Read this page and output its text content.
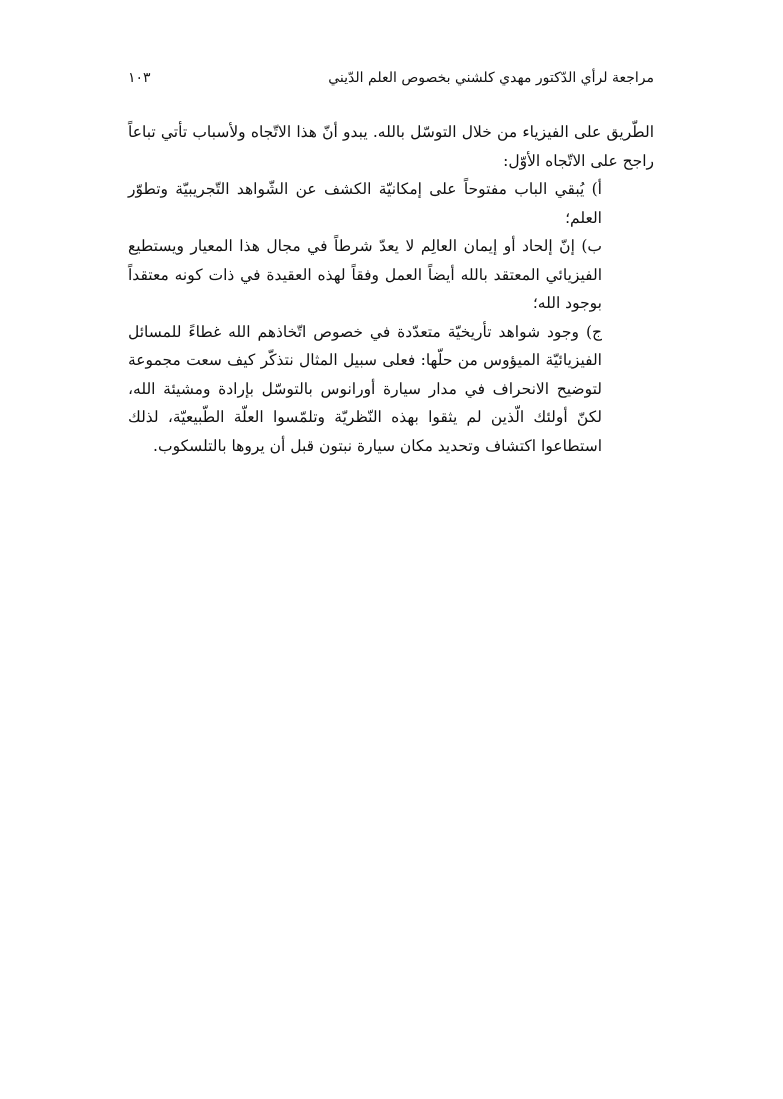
مراجعة لرأي الدّكتور مهدي كلشني بخصوص العلم الدّيني
١٠٣

الطّريق على الفيزياء من خلال التوسّل بالله. يبدو أنّ هذا الاتّجاه ولأسباب تأتي تباعاً راجح على الاتّجاه الأوّل:

أ) يُبقي الباب مفتوحاً على إمكانيّة الكشف عن الشّواهد التّجريبيّة وتطوّر العلم؛

ب) إنّ إلحاد أو إيمان العالِم لا يعدّ شرطاً في مجال هذا المعيار ويستطيع الفيزيائي المعتقد بالله أيضاً العمل وفقاً لهذه العقيدة في ذات كونه معتقداً بوجود الله؛

ج) وجود شواهد تأريخيّة متعدّدة في خصوص اتّخاذهم الله غطاءً للمسائل الفيزيائيّة الميؤوس من حلّها: فعلى سبيل المثال نتذكّر كيف سعت مجموعة لتوضيح الانحراف في مدار سيارة أورانوس بالتوسّل بإرادة ومشيئة الله، لكنّ أولئك الّذين لم يثقوا بهذه النّظريّة وتلمّسوا العلّة الطّبيعيّة، لذلك استطاعوا اكتشاف وتحديد مكان سيارة نبتون قبل أن يروها بالتلسكوب.
